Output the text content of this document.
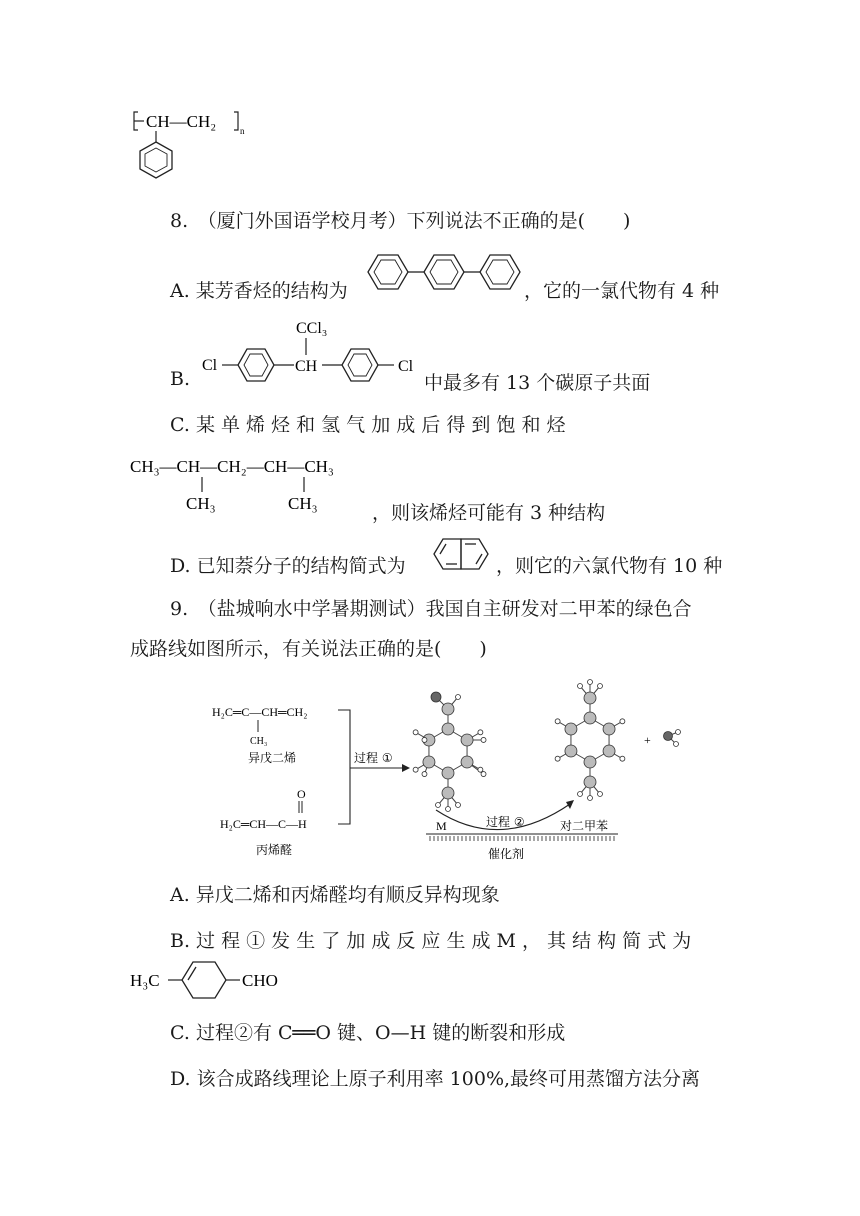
CH—CH₂	n
8.　（厦门外国语学校月考）下列说法不正确的是(　　)
A. 某芳香烃的结构为	，它的一氯代物有 4 种
B.
CCl₃
Cl	CH	Cl
中最多有 13 个碳原子共面
C. 某 单 烯 烃 和 氢 气 加 成 后 得 到 饱 和 烃
CH₃—CH—CH₂—CH—CH₃
CH₃	CH₃	，则该烯烃可能有 3 种结构
D. 已知萘分子的结构简式为	，则它的六氯代物有 10 种
9.　（盐城响水中学暑期测试）我国自主研发对二甲苯的绿色合
成路线如图所示，有关说法正确的是(　　)
H₂C═C—CH═CH₂
CH₃
异戊二烯
O
H₂C═CH—C—H
丙烯醛
过程 ①
+
M	过程 ②	对二甲苯
催化剂
A. 异戊二烯和丙烯醛均有顺反异构现象
B. 过 程 ① 发 生 了 加 成 反 应 生 成 M ， 其 结 构 简 式 为
H₃C	CHO
C. 过程②有 C══O 键、O—H 键的断裂和形成
D. 该合成路线理论上原子利用率 100%,最终可用蒸馏方法分离
